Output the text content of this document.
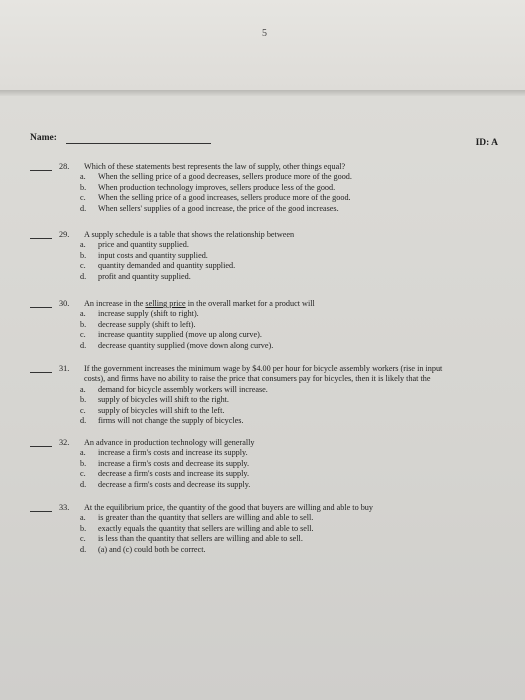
5
Name:	ID: A
28. Which of these statements best represents the law of supply, other things equal?
a. When the selling price of a good decreases, sellers produce more of the good.
b. When production technology improves, sellers produce less of the good.
c. When the selling price of a good increases, sellers produce more of the good.
d. When sellers' supplies of a good increase, the price of the good increases.
29. A supply schedule is a table that shows the relationship between
a. price and quantity supplied.
b. input costs and quantity supplied.
c. quantity demanded and quantity supplied.
d. profit and quantity supplied.
30. An increase in the selling price in the overall market for a product will
a. increase supply (shift to right).
b. decrease supply (shift to left).
c. increase quantity supplied (move up along curve).
d. decrease quantity supplied (move down along curve).
31. If the government increases the minimum wage by $4.00 per hour for bicycle assembly workers (rise in input
costs), and firms have no ability to raise the price that consumers pay for bicycles, then it is likely that the
a. demand for bicycle assembly workers will increase.
b. supply of bicycles will shift to the right.
c. supply of bicycles will shift to the left.
d. firms will not change the supply of bicycles.
32. An advance in production technology will generally
a. increase a firm's costs and increase its supply.
b. increase a firm's costs and decrease its supply.
c. decrease a firm's costs and increase its supply.
d. decrease a firm's costs and decrease its supply.
33. At the equilibrium price, the quantity of the good that buyers are willing and able to buy
a. is greater than the quantity that sellers are willing and able to sell.
b. exactly equals the quantity that sellers are willing and able to sell.
c. is less than the quantity that sellers are willing and able to sell.
d. (a) and (c) could both be correct.
